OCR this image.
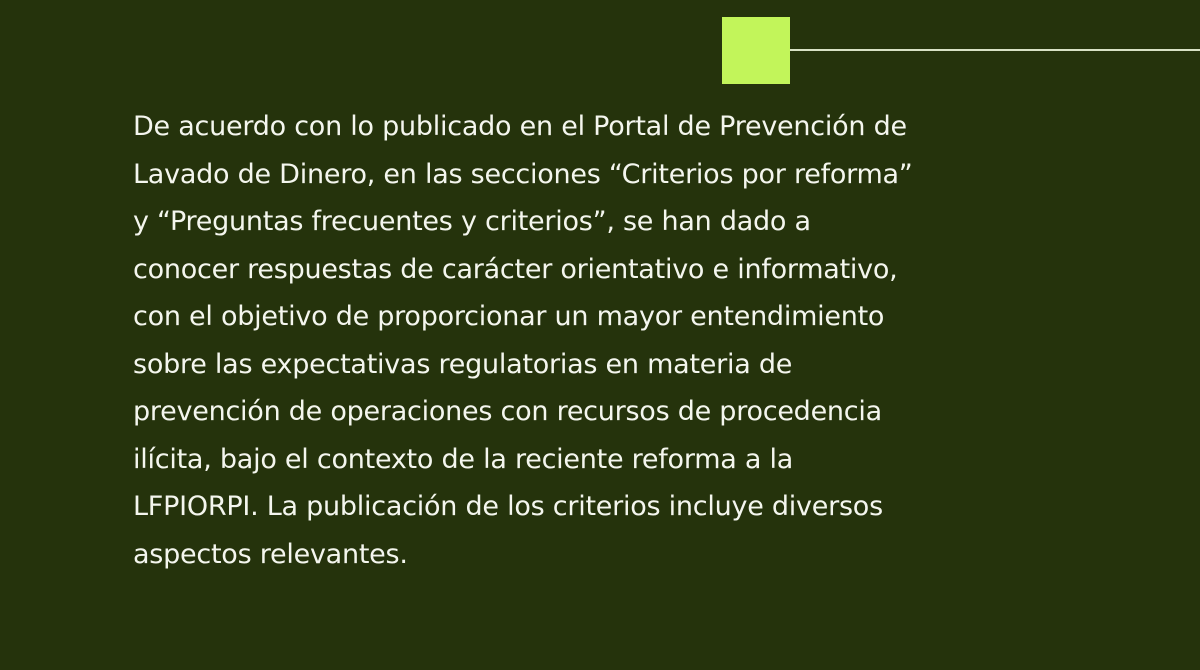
De acuerdo con lo publicado en el Portal de Prevención de
Lavado de Dinero, en las secciones “Criterios por reforma”
y “Preguntas frecuentes y criterios”, se han dado a
conocer respuestas de carácter orientativo e informativo,
con el objetivo de proporcionar un mayor entendimiento
sobre las expectativas regulatorias en materia de
prevención de operaciones con recursos de procedencia
ilícita, bajo el contexto de la reciente reforma a la
LFPIORPI. La publicación de los criterios incluye diversos
aspectos relevantes.
